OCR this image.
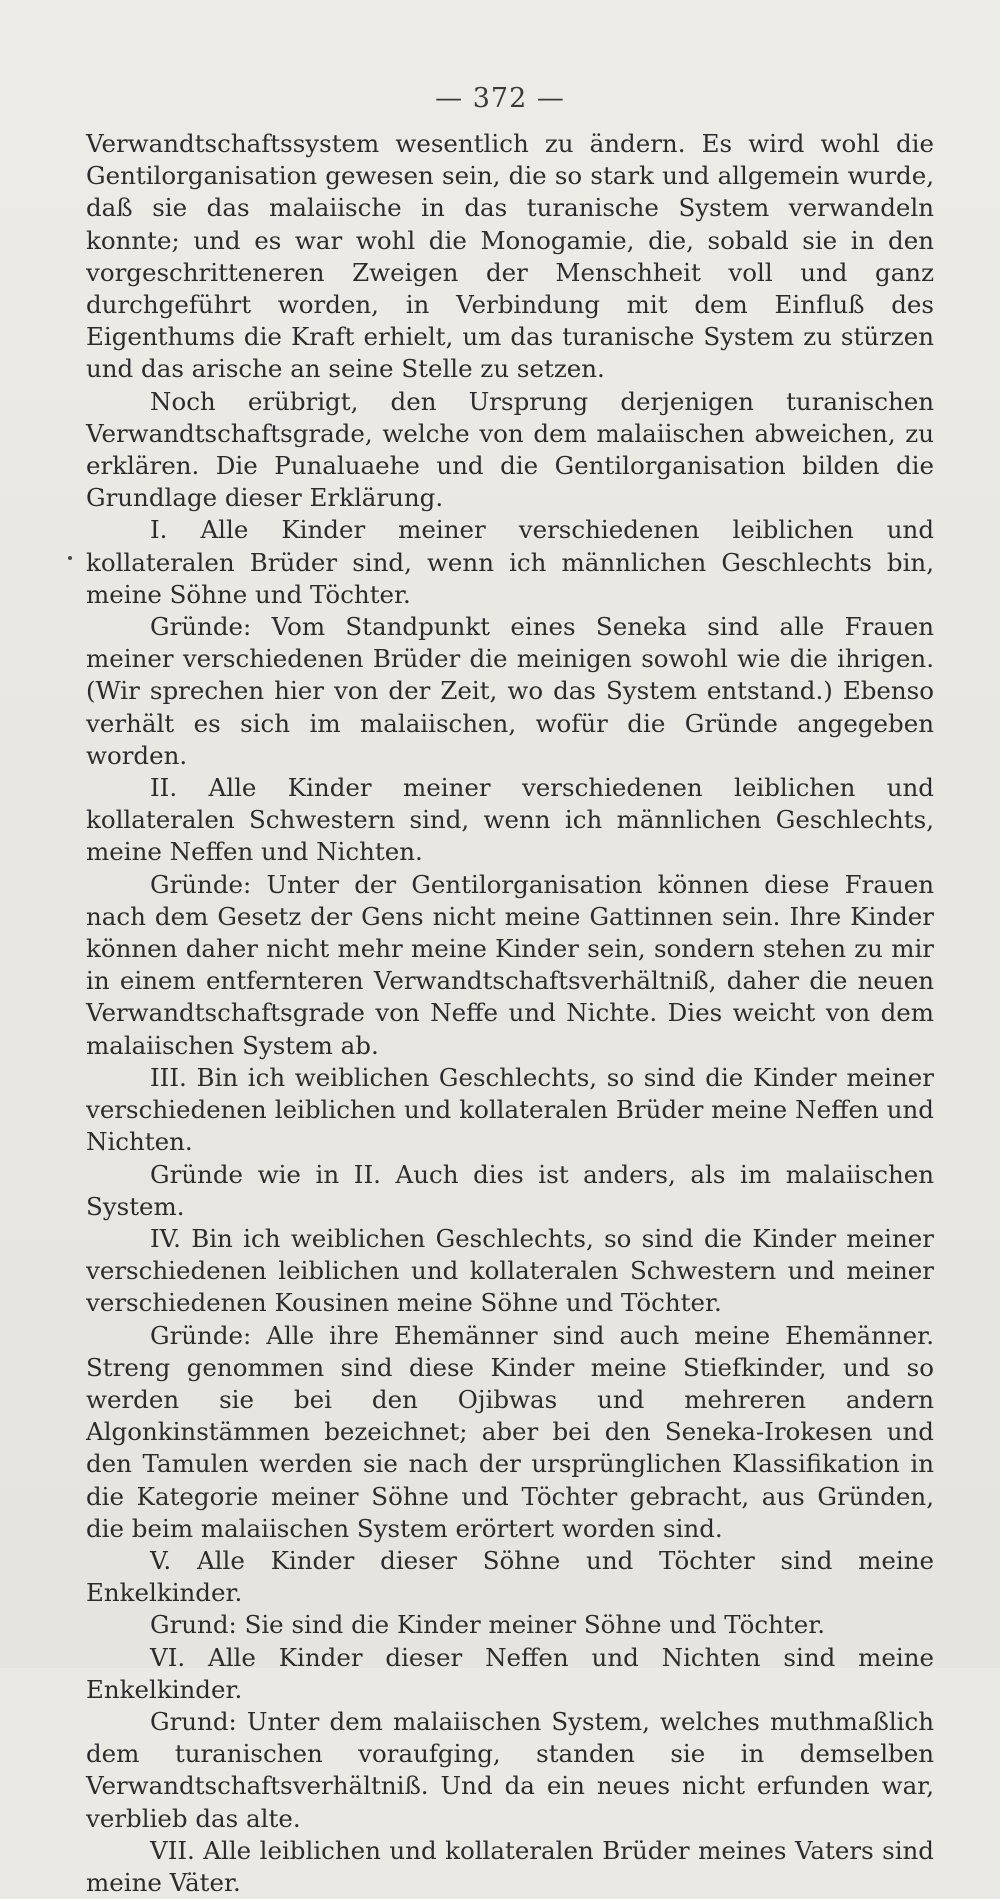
— 372 —

Verwandtschaftssystem wesentlich zu ändern. Es wird wohl die Gentilorganisation gewesen sein, die so stark und allgemein wurde, daß sie das malaiische in das turanische System verwandeln konnte; und es war wohl die Monogamie, die, sobald sie in den vorgeschritteneren Zweigen der Menschheit voll und ganz durchgeführt worden, in Verbindung mit dem Einfluß des Eigenthums die Kraft erhielt, um das turanische System zu stürzen und das arische an seine Stelle zu setzen.

Noch erübrigt, den Ursprung derjenigen turanischen Verwandtschaftsgrade, welche von dem malaiischen abweichen, zu erklären. Die Punaluaehe und die Gentilorganisation bilden die Grundlage dieser Erklärung.

I. Alle Kinder meiner verschiedenen leiblichen und kollateralen Brüder sind, wenn ich männlichen Geschlechts bin, meine Söhne und Töchter.

Gründe: Vom Standpunkt eines Seneka sind alle Frauen meiner verschiedenen Brüder die meinigen sowohl wie die ihrigen. (Wir sprechen hier von der Zeit, wo das System entstand.) Ebenso verhält es sich im malaiischen, wofür die Gründe angegeben worden.

II. Alle Kinder meiner verschiedenen leiblichen und kollateralen Schwestern sind, wenn ich männlichen Geschlechts, meine Neffen und Nichten.

Gründe: Unter der Gentilorganisation können diese Frauen nach dem Gesetz der Gens nicht meine Gattinnen sein. Ihre Kinder können daher nicht mehr meine Kinder sein, sondern stehen zu mir in einem entfernteren Verwandtschaftsverhältniß, daher die neuen Verwandtschaftsgrade von Neffe und Nichte. Dies weicht von dem malaiischen System ab.

III. Bin ich weiblichen Geschlechts, so sind die Kinder meiner verschiedenen leiblichen und kollateralen Brüder meine Neffen und Nichten.

Gründe wie in II. Auch dies ist anders, als im malaiischen System.

IV. Bin ich weiblichen Geschlechts, so sind die Kinder meiner verschiedenen leiblichen und kollateralen Schwestern und meiner verschiedenen Kousinen meine Söhne und Töchter.

Gründe: Alle ihre Ehemänner sind auch meine Ehemänner. Streng genommen sind diese Kinder meine Stiefkinder, und so werden sie bei den Ojibwas und mehreren andern Algonkinstämmen bezeichnet; aber bei den Seneka-Irokesen und den Tamulen werden sie nach der ursprünglichen Klassifikation in die Kategorie meiner Söhne und Töchter gebracht, aus Gründen, die beim malaiischen System erörtert worden sind.

V. Alle Kinder dieser Söhne und Töchter sind meine Enkelkinder.

Grund: Sie sind die Kinder meiner Söhne und Töchter.

VI. Alle Kinder dieser Neffen und Nichten sind meine Enkelkinder.

Grund: Unter dem malaiischen System, welches muthmaßlich dem turanischen voraufging, standen sie in demselben Verwandtschaftsverhältniß. Und da ein neues nicht erfunden war, verblieb das alte.

VII. Alle leiblichen und kollateralen Brüder meines Vaters sind meine Väter.
